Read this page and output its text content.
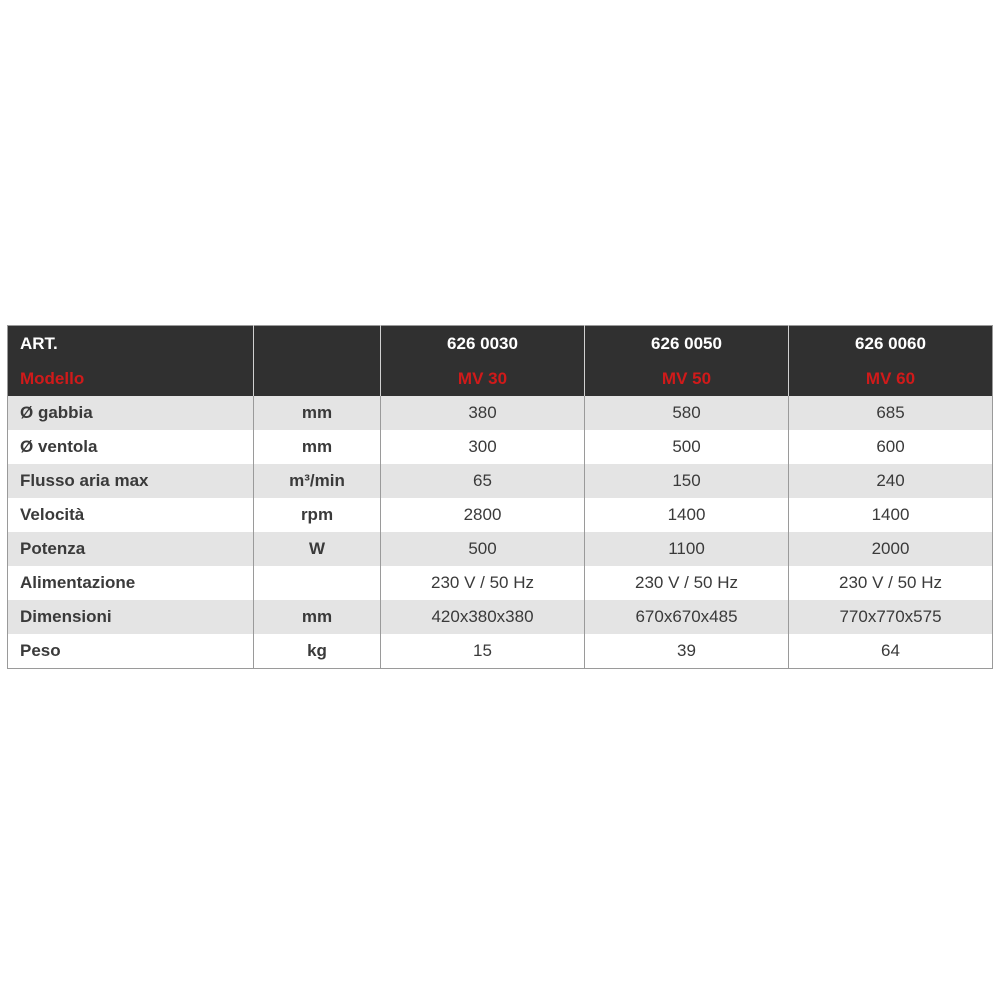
ART.		626 0030	626 0050	626 0060
Modello		MV 30	MV 50	MV 60
Ø gabbia	mm	380	580	685
Ø ventola	mm	300	500	600
Flusso aria max	m³/min	65	150	240
Velocità	rpm	2800	1400	1400
Potenza	W	500	1100	2000
Alimentazione		230 V / 50 Hz	230 V / 50 Hz	230 V / 50 Hz
Dimensioni	mm	420x380x380	670x670x485	770x770x575
Peso	kg	15	39	64
